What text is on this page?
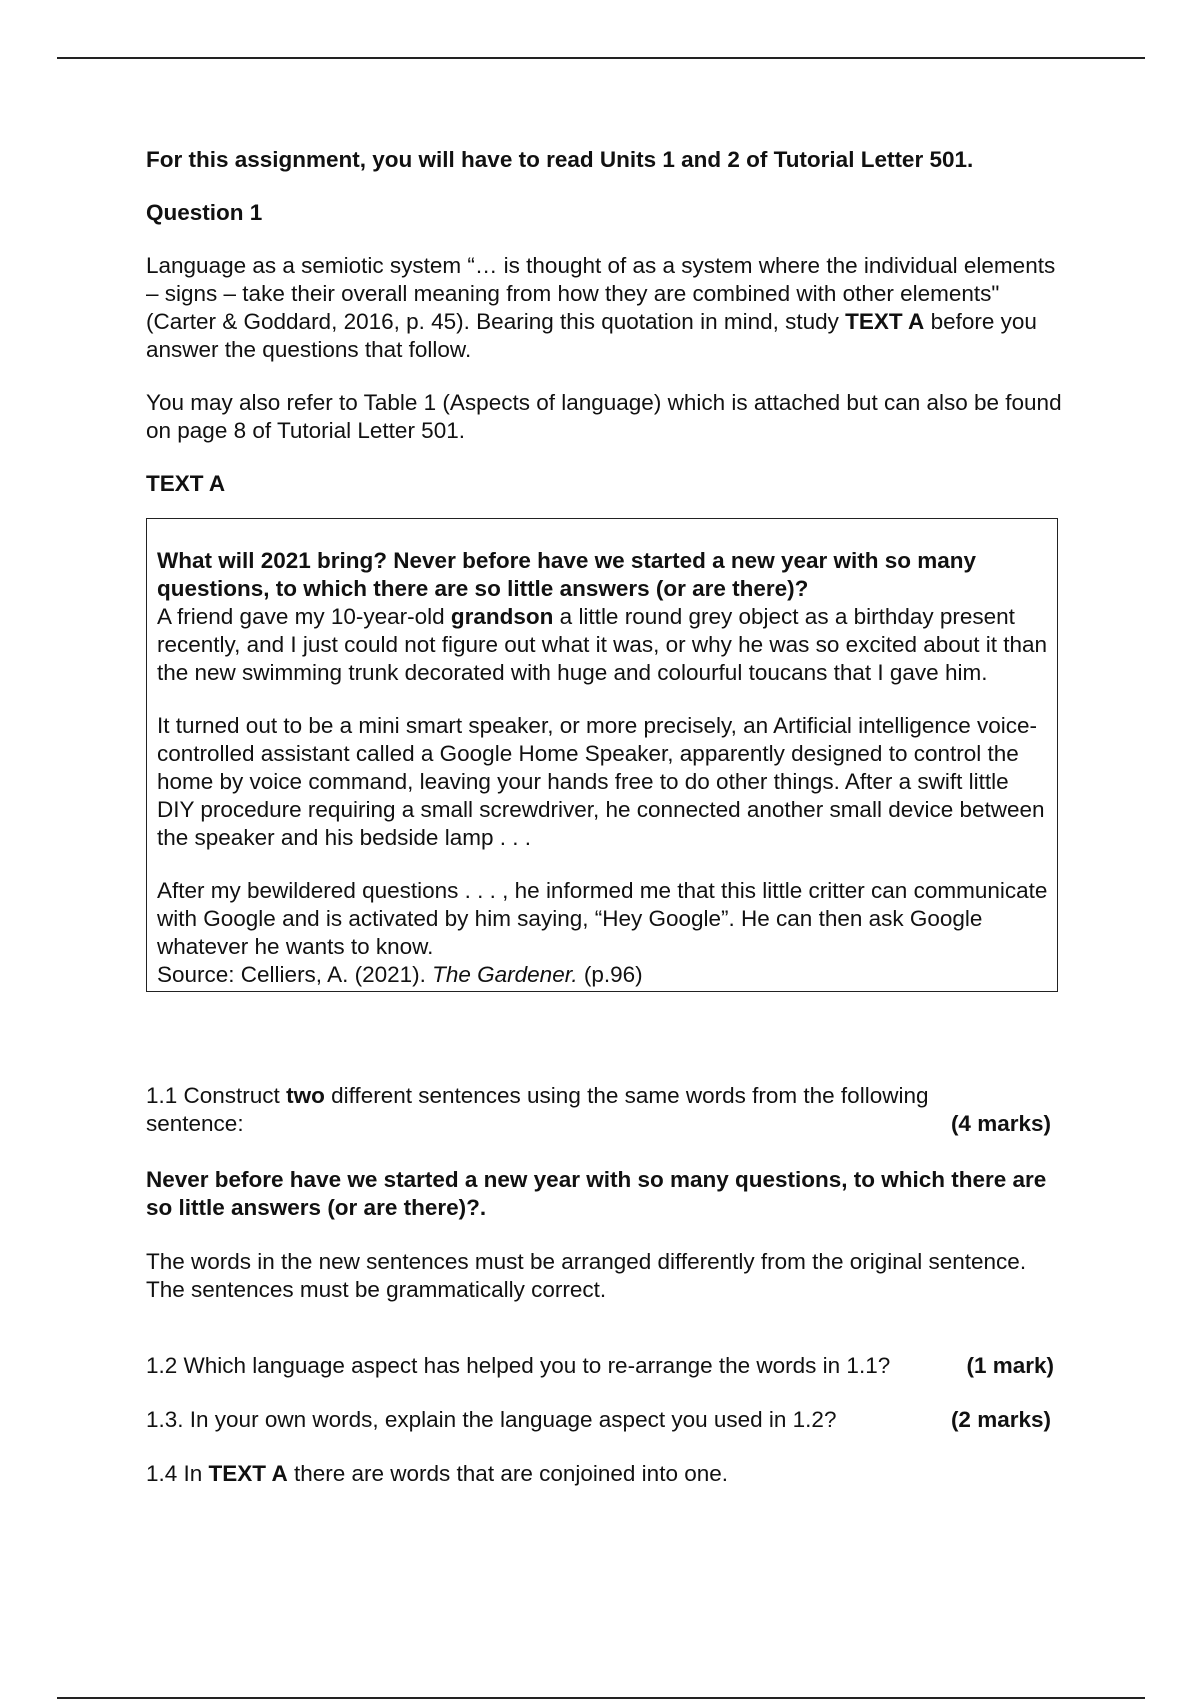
For this assignment, you will have to read Units 1 and 2 of Tutorial Letter 501.

Question 1

Language as a semiotic system “… is thought of as a system where the individual elements – signs – take their overall meaning from how they are combined with other elements" (Carter & Goddard, 2016, p. 45). Bearing this quotation in mind, study TEXT A before you answer the questions that follow.

You may also refer to Table 1 (Aspects of language) which is attached but can also be found on page 8 of Tutorial Letter 501.

TEXT A

What will 2021 bring? Never before have we started a new year with so many questions, to which there are so little answers (or are there)?

A friend gave my 10-year-old grandson a little round grey object as a birthday present recently, and I just could not figure out what it was, or why he was so excited about it than the new swimming trunk decorated with huge and colourful toucans that I gave him.

It turned out to be a mini smart speaker, or more precisely, an Artificial intelligence voice-controlled assistant called a Google Home Speaker, apparently designed to control the home by voice command, leaving your hands free to do other things. After a swift little DIY procedure requiring a small screwdriver, he connected another small device between the speaker and his bedside lamp . . .

After my bewildered questions . . . , he informed me that this little critter can communicate with Google and is activated by him saying, “Hey Google”. He can then ask Google whatever he wants to know.

Source: Celliers, A. (2021). The Gardener. (p.96)

1.1 Construct two different sentences using the same words from the following

sentence:	(4 marks)

Never before have we started a new year with so many questions, to which there are so little answers (or are there)?.

The words in the new sentences must be arranged differently from the original sentence. The sentences must be grammatically correct.

1.2 Which language aspect has helped you to re-arrange the words in 1.1?	(1 mark)
1.3. In your own words, explain the language aspect you used in 1.2?	(2 marks)

1.4 In TEXT A there are words that are conjoined into one.
